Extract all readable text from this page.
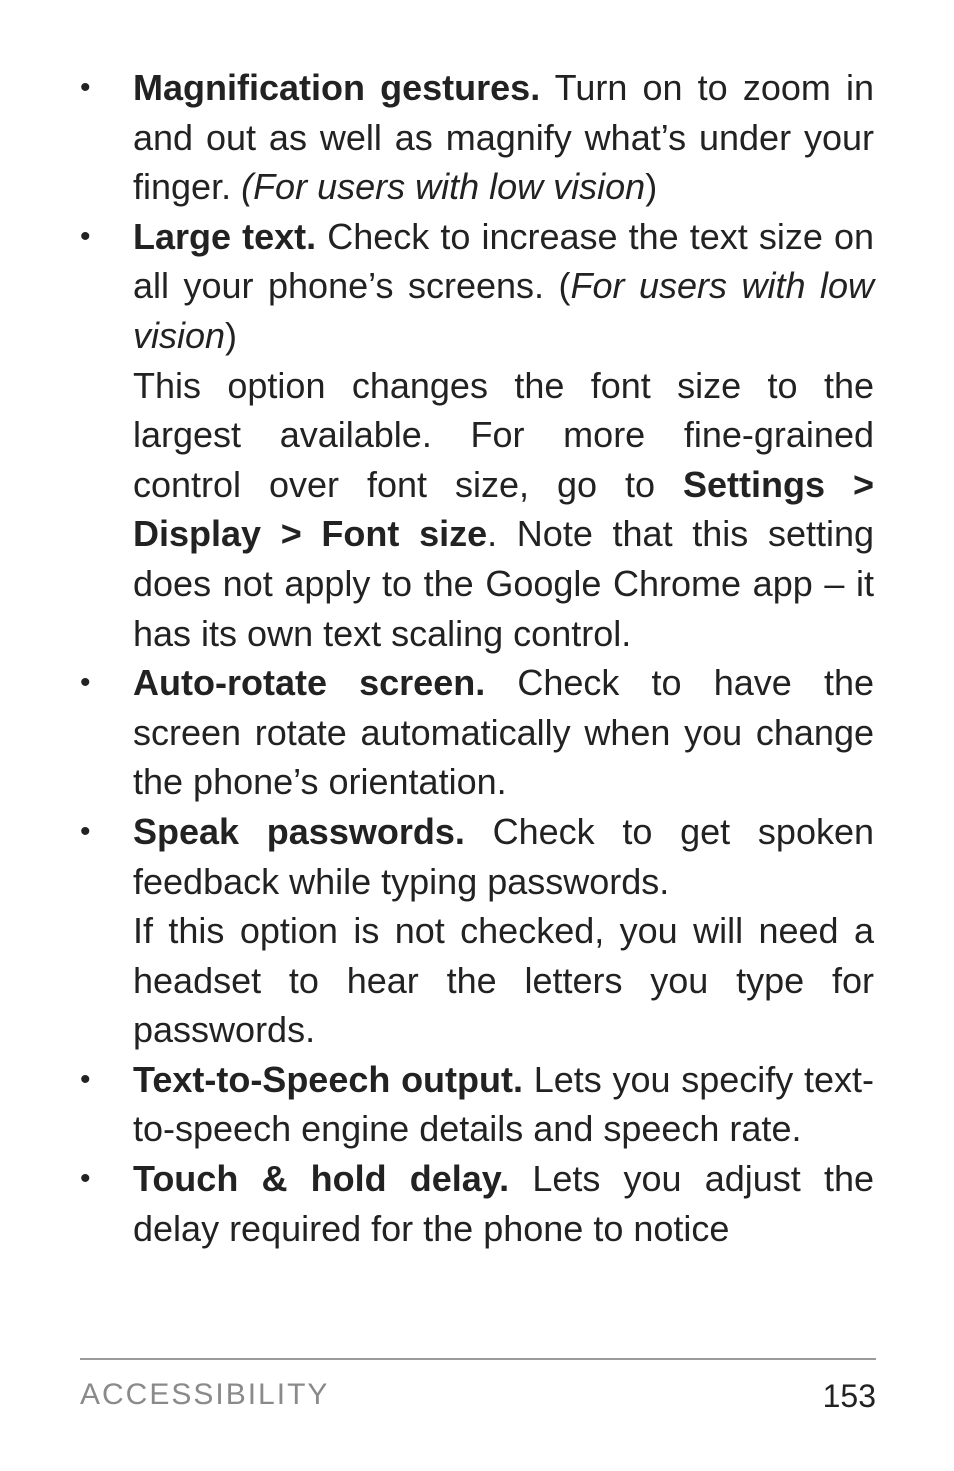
• Magnification gestures. Turn on to zoom in and out as well as magnify what’s under your finger. (For users with low vision)

• Large text. Check to increase the text size on all your phone’s screens. (For users with low vision)

This option changes the font size to the largest available. For more fine-grained control over font size, go to Settings > Display > Font size. Note that this setting does not apply to the Google Chrome app – it has its own text scaling control.

• Auto-rotate screen. Check to have the screen rotate automatically when you change the phone’s orientation.

• Speak passwords. Check to get spoken feedback while typing passwords.

If this option is not checked, you will need a headset to hear the letters you type for passwords.

• Text-to-Speech output. Lets you specify text-to-speech engine details and speech rate.

• Touch & hold delay. Lets you adjust the delay required for the phone to notice

ACCESSIBILITY	153
